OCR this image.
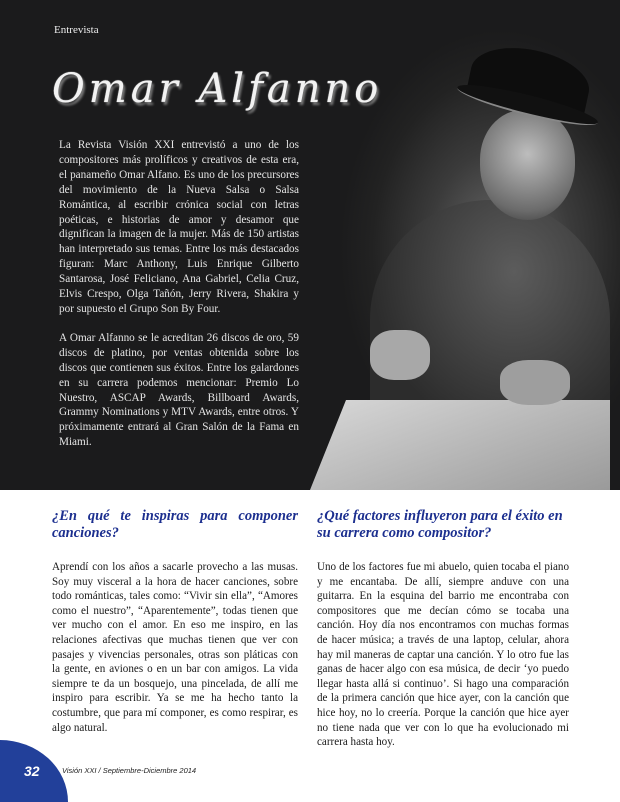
Entrevista
Omar Alfanno

La Revista Visión XXI entrevistó a uno de los compositores más prolíficos y creativos de esta era, el panameño Omar Alfano. Es uno de los precursores del movimiento de la Nueva Salsa o Salsa Romántica, al escribir crónica social con letras poéticas, e historias de amor y desamor que dignifican la imagen de la mujer. Más de 150 artistas han interpretado sus temas. Entre los más destacados figuran: Marc Anthony, Luis Enrique Gilberto Santarosa, José Feliciano, Ana Gabriel, Celia Cruz, Elvis Crespo, Olga Tañón, Jerry Rivera, Shakira y por supuesto el Grupo Son By Four.

A Omar Alfanno se le acreditan 26 discos de oro, 59 discos de platino, por ventas obtenida sobre los discos que contienen sus éxitos. Entre los galardones en su carrera podemos mencionar: Premio Lo Nuestro, ASCAP Awards, Billboard Awards, Grammy Nominations y MTV Awards, entre otros. Y próximamente entrará al Gran Salón de la Fama en Miami.

¿En qué te inspiras para componer canciones?

Aprendí con los años a sacarle provecho a las musas. Soy muy visceral a la hora de hacer canciones, sobre todo románticas, tales como: “Vivir sin ella”, “Amores como el nuestro”, “Aparentemente”, todas tienen que ver mucho con el amor. En eso me inspiro, en las relaciones afectivas que muchas tienen que ver con pasajes y vivencias personales, otras son pláticas con la gente, en aviones o en un bar con amigos. La vida siempre te da un bosquejo, una pincelada, de allí me inspiro para escribir. Ya se me ha hecho tanto la costumbre, que para mí componer, es como respirar, es algo natural.

¿Qué factores influyeron para el éxito en su carrera como compositor?

Uno de los factores fue mi abuelo, quien tocaba el piano y me encantaba. De allí, siempre anduve con una guitarra. En la esquina del barrio me encontraba con compositores que me decían cómo se tocaba una canción. Hoy día nos encontramos con muchas formas de hacer música; a través de una laptop, celular, ahora hay mil maneras de captar una canción. Y lo otro fue las ganas de hacer algo con esa música, de decir ‘yo puedo llegar hasta allá si continuo’. Si hago una comparación de la primera canción que hice ayer, con la canción que hice hoy, no lo creería. Porque la canción que hice ayer no tiene nada que ver con lo que ha evolucionado mi carrera hasta hoy.

32	Visión XXI / Septiembre-Diciembre 2014
